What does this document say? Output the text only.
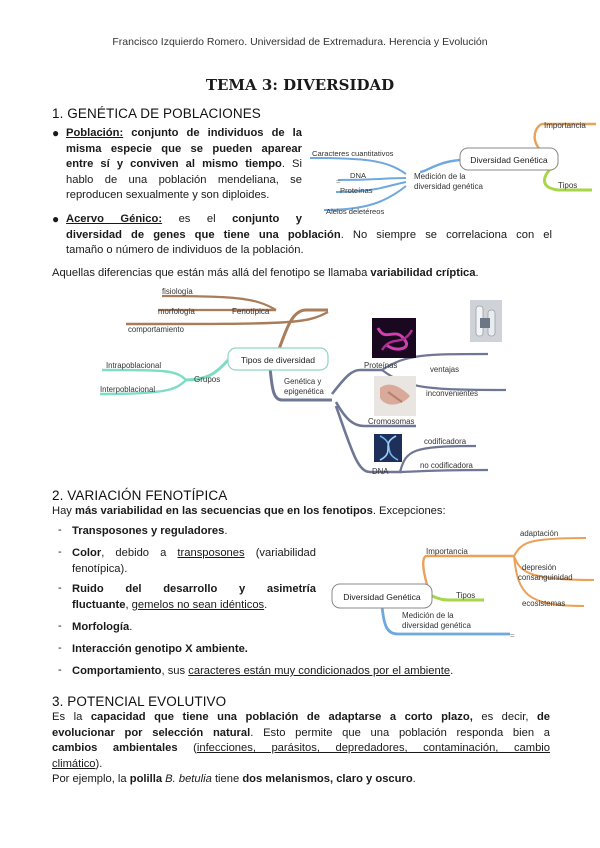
Francisco Izquierdo Romero. Universidad de Extremadura. Herencia y Evolución
TEMA 3: DIVERSIDAD
1. GENÉTICA DE POBLACIONES
● Población: conjunto de individuos de la
misma especie que se pueden aparear
entre sí y conviven al mismo tiempo. Si
hablo de una población mendeliana, se
reproducen sexualmente y son diploides.
● Acervo Génico: es el conjunto y
diversidad de genes que tiene una población. No siempre se correlaciona con el
tamaño o número de individuos de la población.
Aquellas diferencias que están más allá del fenotipo se llamaba variabilidad críptica.
Diversidad Genética
Importancia
Tipos
Medición de la
diversidad genética
Caracteres cuantitativos
DNA
Proteínas
Alelos deletéreos
=
Tipos de diversidad
Fenotípica
fisiología
morfología
comportamiento
Grupos
Intrapoblacional
Interpoblacional
Genética y
epigenética
Proteínas	ventajas
inconvenientes
Cromosomas
DNA
codificadora
no codificadora
2. VARIACIÓN FENOTÍPICA
Hay más variabilidad en las secuencias que en los fenotipos. Excepciones:
- Transposones y reguladores.
- Color, debido a transposones (variabilidad
fenotípica).
- Ruido del desarrollo y asimetría
fluctuante, gemelos no sean idénticos.
- Morfología.
- Interacción genotipo X ambiente.
- Comportamiento, sus caracteres están muy condicionados por el ambiente.
Diversidad Genética
Importancia
Tipos
Medición de la
diversidad genética
adaptación
depresión
consanguinidad
ecosistemas
=
3. POTENCIAL EVOLUTIVO
Es la capacidad que tiene una población de adaptarse a corto plazo, es decir, de
evolucionar por selección natural. Esto permite que una población responda bien a
cambios ambientales (infecciones, parásitos, depredadores, contaminación, cambio
climático).
Por ejemplo, la polilla B. betulia tiene dos melanismos, claro y oscuro.
